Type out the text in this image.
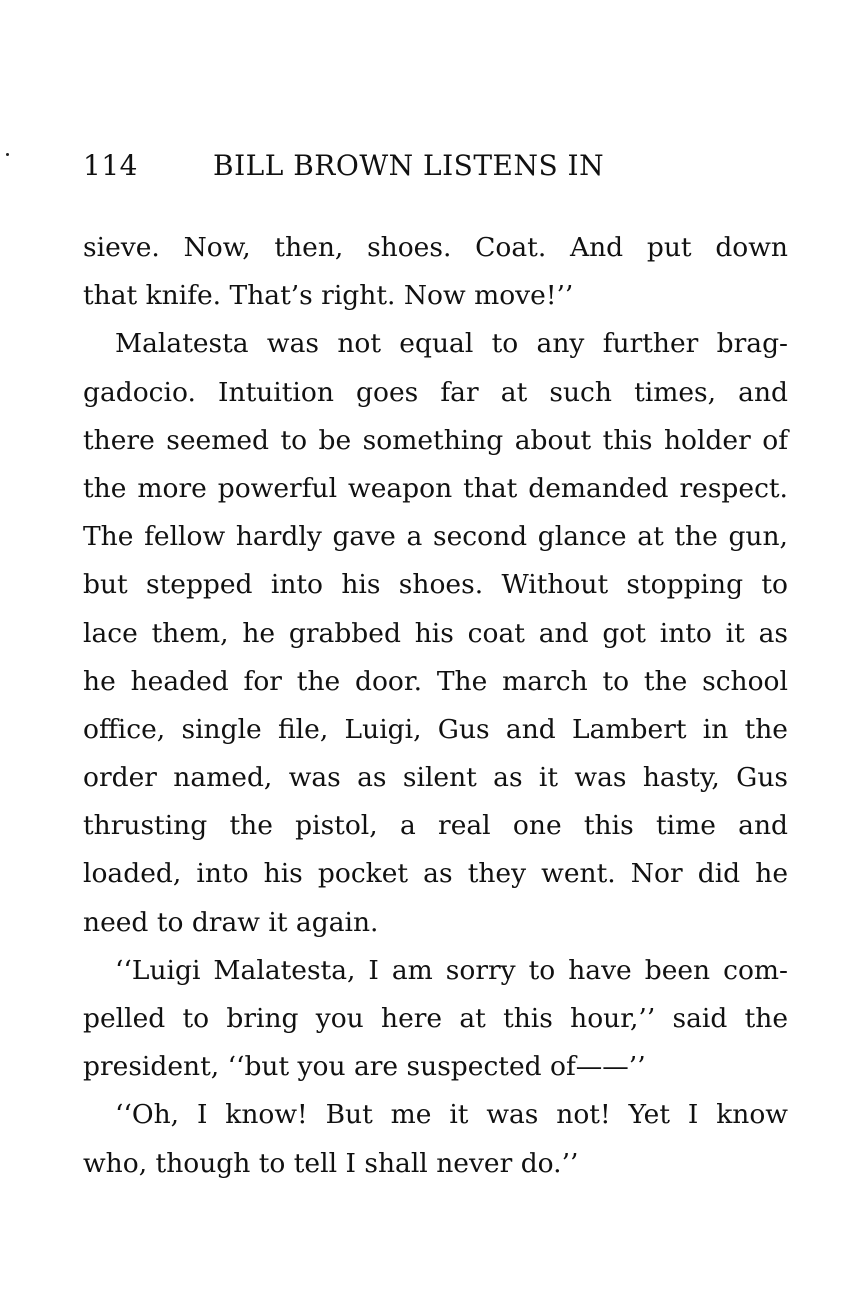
114	BILL BROWN LISTENS IN
sieve. Now, then, shoes. Coat. And put down
that knife. That’s right. Now move!’’
Malatesta was not equal to any further brag-
gadocio. Intuition goes far at such times, and
there seemed to be something about this holder of
the more powerful weapon that demanded respect.
The fellow hardly gave a second glance at the gun,
but stepped into his shoes. Without stopping to
lace them, he grabbed his coat and got into it as
he headed for the door. The march to the school
office, single file, Luigi, Gus and Lambert in the
order named, was as silent as it was hasty, Gus
thrusting the pistol, a real one this time and
loaded, into his pocket as they went. Nor did he
need to draw it again.
‘‘Luigi Malatesta, I am sorry to have been com-
pelled to bring you here at this hour,’’ said the
president, ‘‘but you are suspected of——’’
‘‘Oh, I know! But me it was not! Yet I know
who, though to tell I shall never do.’’
